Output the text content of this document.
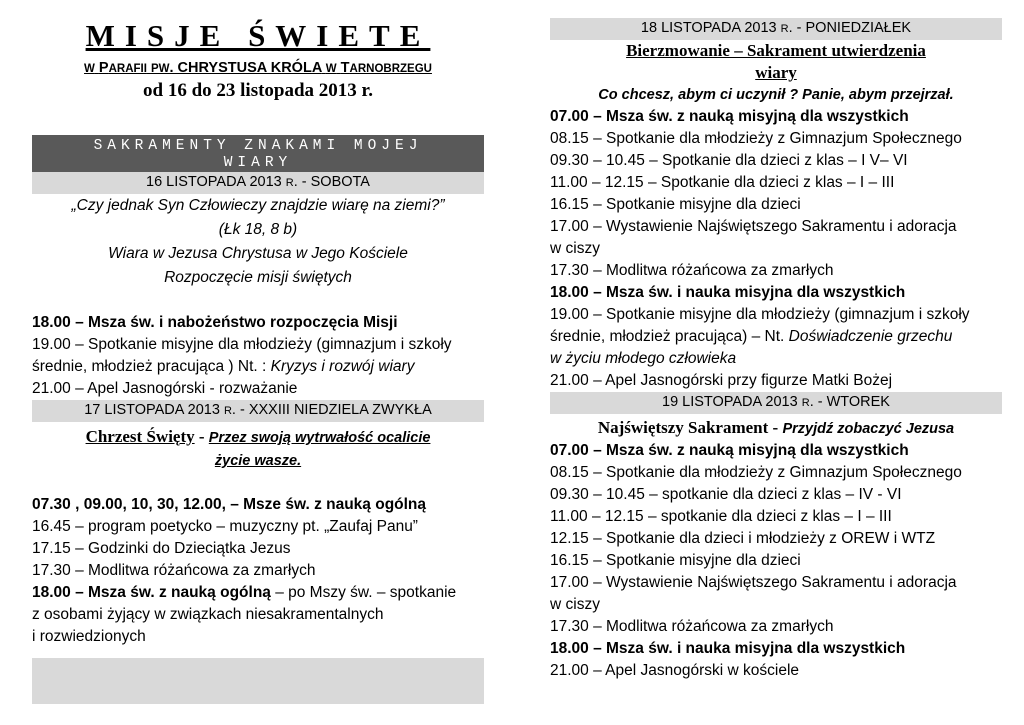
MISJE ŚWIETE
W PARAFII PW. CHRYSTUSA KRÓLA W TARNOBRZEGU
od 16 do 23 listopada 2013 r.
SAKRAMENTY ZNAKAMI MOJEJ
WIARY
16 LISTOPADA 2013 R. - SOBOTA
„Czy jednak Syn Człowieczy znajdzie wiarę na ziemi?”
(Łk 18, 8 b)
Wiara w Jezusa Chrystusa w Jego Kościele
Rozpoczęcie misji świętych
18.00 – Msza św. i nabożeństwo rozpoczęcia Misji
19.00 – Spotkanie misyjne dla młodzieży (gimnazjum i szkoły
średnie, młodzież pracująca ) Nt. : Kryzys i rozwój wiary
21.00 – Apel Jasnogórski - rozważanie
17 LISTOPADA 2013 R. - XXXIII NIEDZIELA ZWYKŁA
Chrzest Święty - Przez swoją wytrwałość ocalicie
życie wasze.
07.30 , 09.00, 10, 30, 12.00, – Msze św. z nauką ogólną
16.45 – program poetycko – muzyczny pt. „Zaufaj Panu”
17.15 – Godzinki do Dzieciątka Jezus
17.30 – Modlitwa różańcowa za zmarłych
18.00 – Msza św. z nauką ogólną – po Mszy św. – spotkanie
z osobami żyjący w związkach niesakramentalnych
i rozwiedzionych
18 LISTOPADA 2013 R. - PONIEDZIAŁEK
Bierzmowanie – Sakrament utwierdzenia
wiary
Co chcesz, abym ci uczynił ? Panie, abym przejrzał.
07.00 – Msza św. z nauką misyjną dla wszystkich
08.15 – Spotkanie dla młodzieży z Gimnazjum Społecznego
09.30 – 10.45 – Spotkanie dla dzieci z klas – I V– VI
11.00 – 12.15 – Spotkanie dla dzieci z klas – I – III
16.15 – Spotkanie misyjne dla dzieci
17.00 – Wystawienie Najświętszego Sakramentu i adoracja
w ciszy
17.30 – Modlitwa różańcowa za zmarłych
18.00 – Msza św. i nauka misyjna dla wszystkich
19.00 – Spotkanie misyjne dla młodzieży (gimnazjum i szkoły
średnie, młodzież pracująca) – Nt. Doświadczenie grzechu
w życiu młodego człowieka
21.00 – Apel Jasnogórski przy figurze Matki Bożej
19 LISTOPADA 2013 R. - WTOREK
Najświętszy Sakrament - Przyjdź zobaczyć Jezusa
07.00 – Msza św. z nauką misyjną dla wszystkich
08.15 – Spotkanie dla młodzieży z Gimnazjum Społecznego
09.30 – 10.45 – spotkanie dla dzieci z klas – IV - VI
11.00 – 12.15 – spotkanie dla dzieci z klas – I – III
12.15 – Spotkanie dla dzieci i młodzieży z OREW i WTZ
16.15 – Spotkanie misyjne dla dzieci
17.00 – Wystawienie Najświętszego Sakramentu i adoracja
w ciszy
17.30 – Modlitwa różańcowa za zmarłych
18.00 – Msza św. i nauka misyjna dla wszystkich
21.00 – Apel Jasnogórski w kościele
